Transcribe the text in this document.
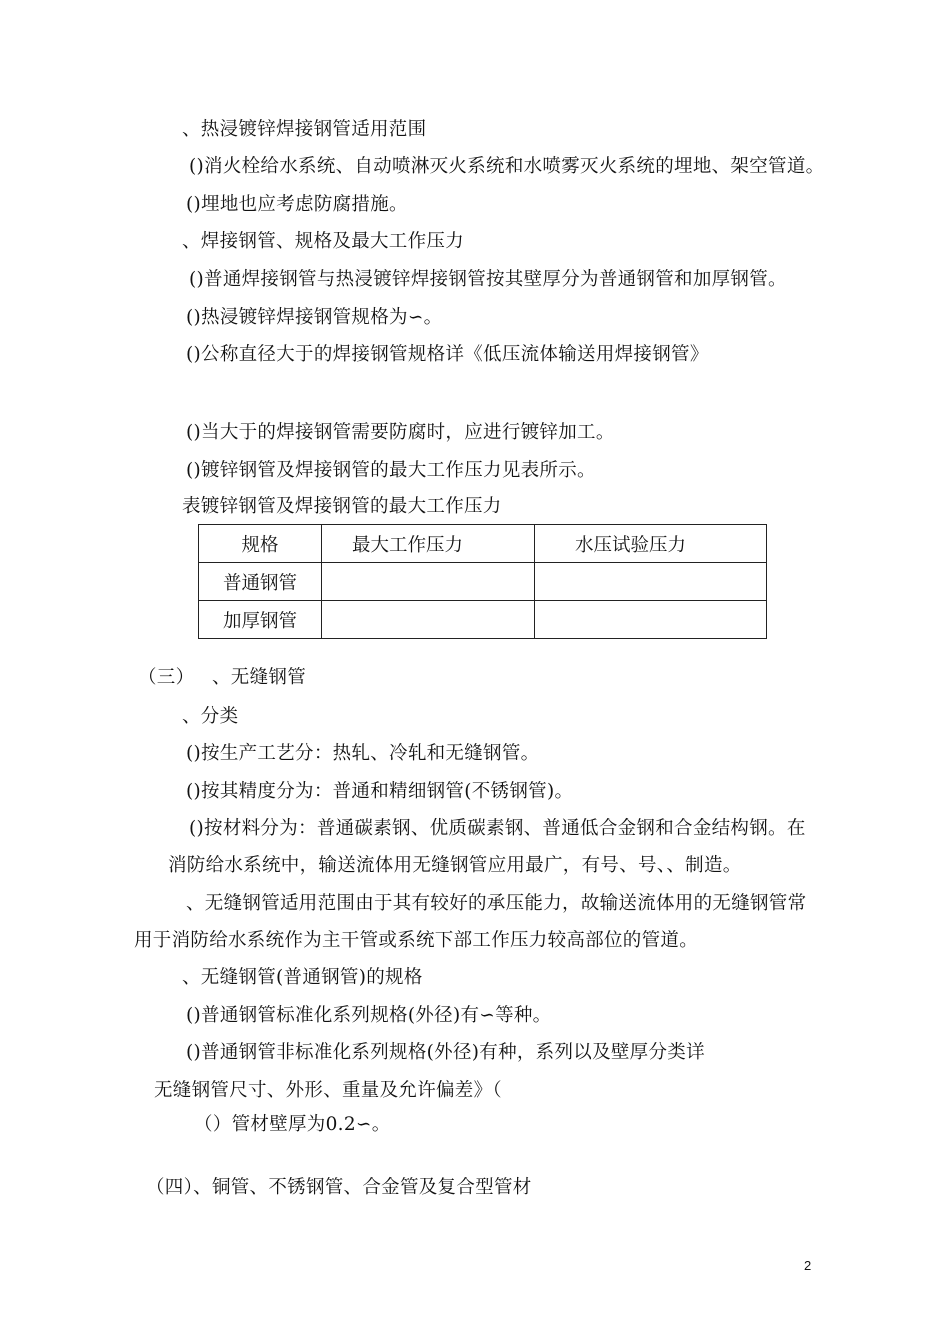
、热浸镀锌焊接钢管适用范围
()消火栓给水系统、自动喷淋灭火系统和水喷雾灭火系统的埋地、架空管道。
()埋地也应考虑防腐措施。
、焊接钢管、规格及最大工作压力
()普通焊接钢管与热浸镀锌焊接钢管按其壁厚分为普通钢管和加厚钢管。
()热浸镀锌焊接钢管规格为∽。
()公称直径大于的焊接钢管规格详《低压流体输送用焊接钢管》
()当大于的焊接钢管需要防腐时，应进行镀锌加工。
()镀锌钢管及焊接钢管的最大工作压力见表所示。
表镀锌钢管及焊接钢管的最大工作压力
规格	最大工作压力	水压试验压力
普通钢管		
加厚钢管		
（三） 、无缝钢管
、分类
()按生产工艺分：热轧、冷轧和无缝钢管。
()按其精度分为：普通和精细钢管(不锈钢管)。
()按材料分为：普通碳素钢、优质碳素钢、普通低合金钢和合金结构钢。在
消防给水系统中，输送流体用无缝钢管应用最广，有号、号、、制造。
、无缝钢管适用范围由于其有较好的承压能力，故输送流体用的无缝钢管常
用于消防给水系统作为主干管或系统下部工作压力较高部位的管道。
、无缝钢管(普通钢管)的规格
()普通钢管标准化系列规格(外径)有∽等种。
()普通钢管非标准化系列规格(外径)有种，系列以及壁厚分类详
无缝钢管尺寸、外形、重量及允许偏差》（
（）管材壁厚为0.2∽。
（四）、铜管、不锈钢管、合金管及复合型管材
2
